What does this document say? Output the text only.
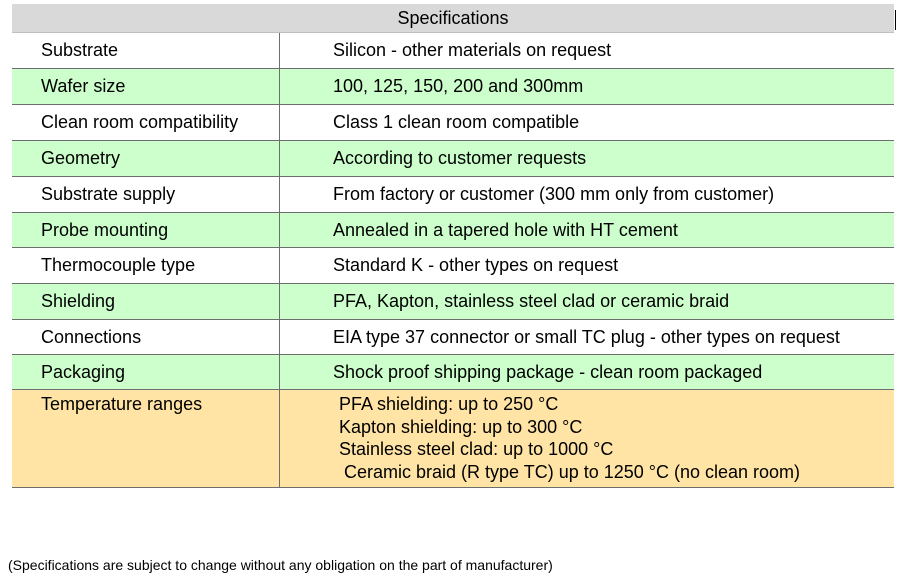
Specifications
Substrate	Silicon - other materials on request
Wafer size	100, 125, 150, 200 and 300mm
Clean room compatibility	Class 1 clean room compatible
Geometry	According to customer requests
Substrate supply	From factory or customer (300 mm only from customer)
Probe mounting	Annealed in a tapered hole with HT cement
Thermocouple type	Standard K - other types on request
Shielding	PFA, Kapton, stainless steel clad or ceramic braid
Connections	EIA type 37 connector or small TC plug - other types on request
Packaging	Shock proof shipping package - clean room packaged
Temperature ranges	PFA shielding: up to 250 °C
Kapton shielding: up to 300 °C
Stainless steel clad: up to 1000 °C
Ceramic braid (R type TC) up to 1250 °C (no clean room)
(Specifications are subject to change without any obligation on the part of manufacturer)
